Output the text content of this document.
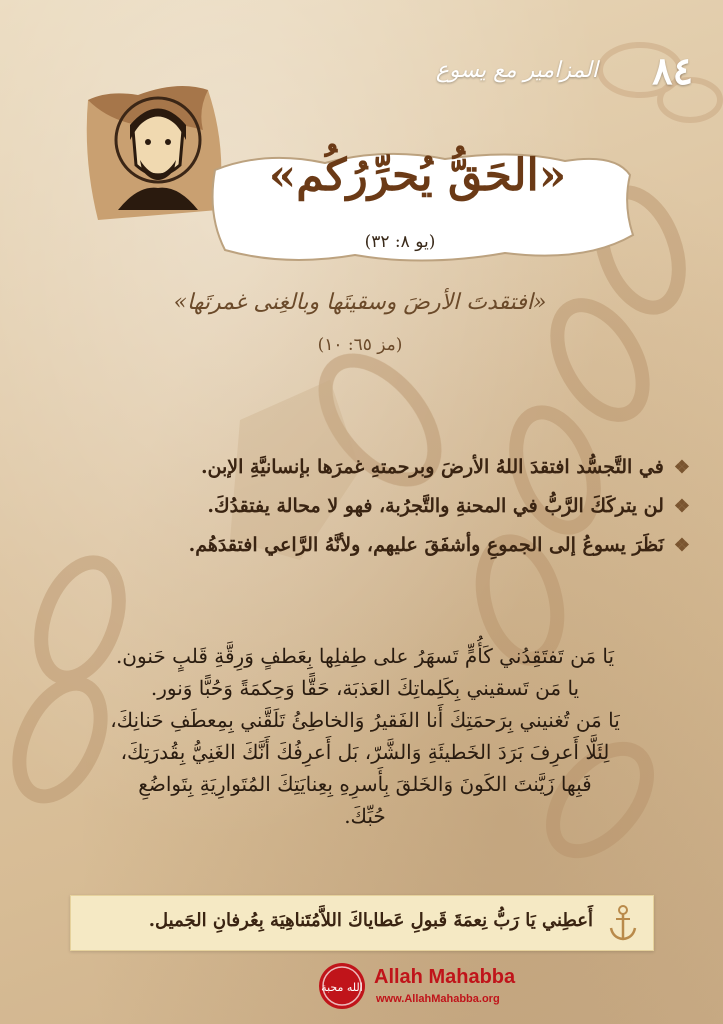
٨٤
المزامير مع يسوع
«الحَقُّ يُحرِّرُكُم»
(يو ٨: ٣٢)
«افتقدتَ الأرضَ وسقيتَها وبالغِنى غمرتَها»
(مز ٦٥: ١٠)
❖
في التَّجسُّد افتقدَ اللهُ الأرضَ وبرحمتهِ غمرَها بإنسانيَّةِ الإبن.
❖
لن يتركَكَ الرَّبُّ في المحنةِ والتَّجرُبة، فهو لا محالة يفتقدُكَ.
❖
نَظَرَ يسوعُ إلى الجموعِ وأشفَقَ عليهم، ولأنَّهُ الرَّاعي افتقدَهُم.
يَا مَن تَفتَقِدُني كَأُمٍّ تَسهَرُ على طِفلِها بِعَطفٍ وَرِقَّةِ قَلبٍ حَنون.
يا مَن تَسقيني بِكَلِماتِكَ العَذبَة، حَقًّا وَحِكمَةً وَحُبًّا وَنور.
يَا مَن تُغنيني بِرَحمَتِكَ أَنا الفَقيرُ وَالخاطِئُ تَلَقَّني بِمِعطَفِ حَنانِكَ،
لِئَلَّا أَعرِفَ بَرَدَ الخَطيئَةِ وَالشَّرّ، بَل أَعرِفُكَ أَنَّكَ الغَنِيُّ بِقُدرَتِكَ،
فَبِها زَيَّنتَ الكَونَ وَالخَلقَ بِأَسرِهِ بِعِنايَتِكَ المُتَوارِيَةِ بِتَواضُعِ
حُبِّكَ.
أَعطِني يَا رَبُّ نِعمَةَ قَبولِ عَطاياكَ اللاَّمُتَناهِيَة بِعُرفانِ الجَميل.
الله محبة Allah Mahabba
www.AllahMahabba.org
